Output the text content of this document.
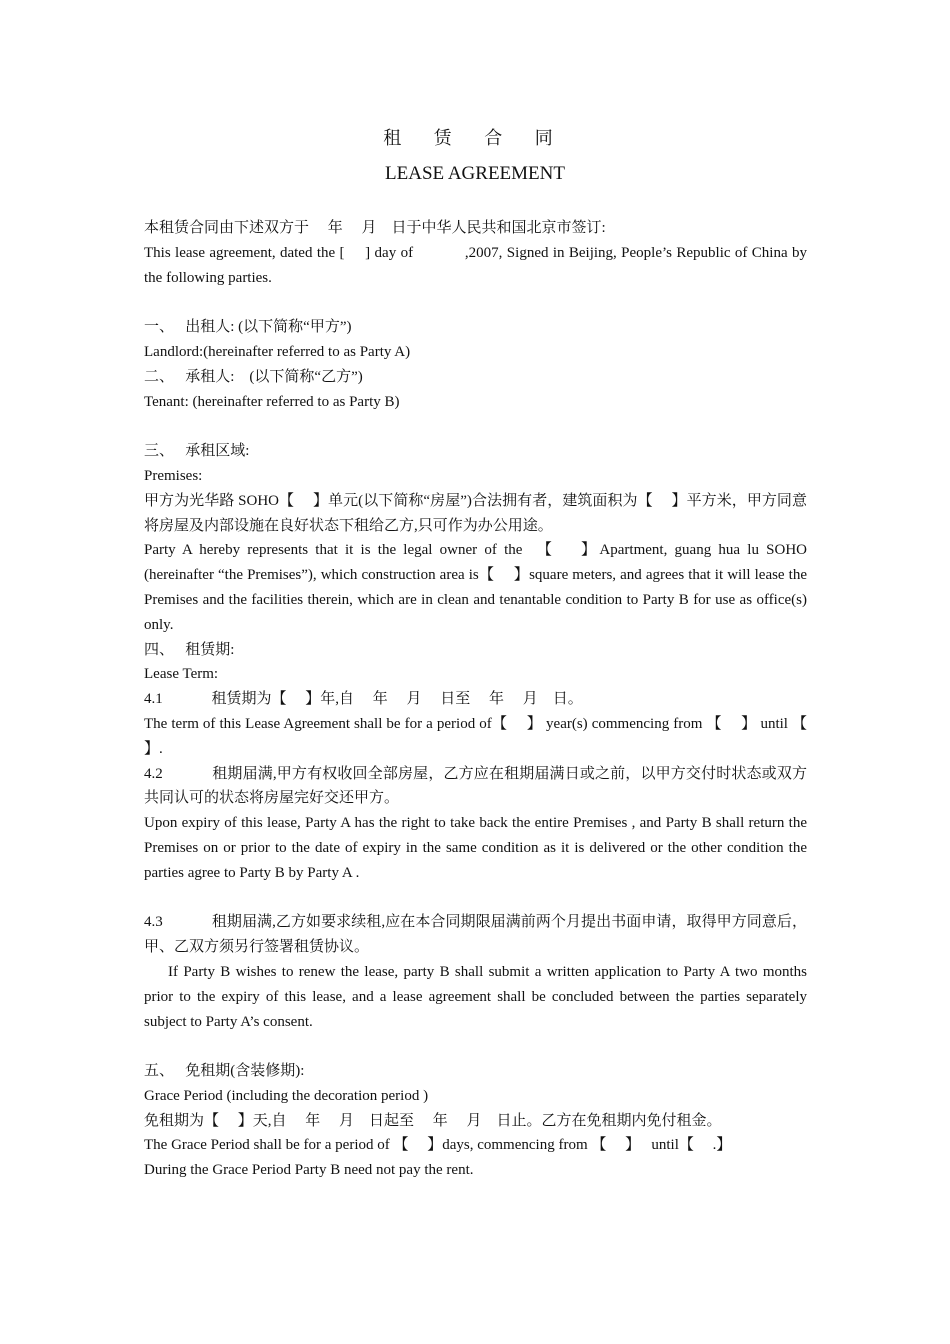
租 赁 合 同
LEASE AGREEMENT
本租赁合同由下述双方于　 年　 月　日于中华人民共和国北京市签订:
This lease agreement, dated the [　 ] day of　　　 ,2007, Signed in Beijing, People’s Republic of China by the following parties.
一、　 出租人: (以下简称“甲方”)
Landlord:(hereinafter referred to as Party A)
二、　 承租人:　(以下简称“乙方”)
Tenant: (hereinafter referred to as Party B)
三、　 承租区域:
Premises:
甲方为光华路 SOHO【　 】单元(以下简称“房屋”)合法拥有者，建筑面积为【　 】平方米，甲方同意将房屋及内部设施在良好状态下租给乙方,只可作为办公用途。
Party A hereby represents that it is the legal owner of the　【　 】Apartment, guang hua lu SOHO (hereinafter “the Premises”), which construction area is【　 】square meters, and agrees that it will lease the Premises and the facilities therein, which are in clean and tenantable condition to Party B for use as office(s) only.
四、　 租赁期:
Lease Term:
4.1　　　 租赁期为【　 】年,自　 年　 月　 日至　 年　 月　日。
The term of this Lease Agreement shall be for a period of【　 】 year(s) commencing from 【　 】 until 【　 】.
4.2　　　 租期届满,甲方有权收回全部房屋，乙方应在租期届满日或之前，以甲方交付时状态或双方共同认可的状态将房屋完好交还甲方。
Upon expiry of this lease, Party A has the right to take back the entire Premises , and Party B shall return the Premises on or prior to the date of expiry in the same condition as it is delivered or the other condition the parties agree to Party B by Party A .
4.3　　　 租期届满,乙方如要求续租,应在本合同期限届满前两个月提出书面申请，取得甲方同意后，甲、乙双方须另行签署租赁协议。
If Party B wishes to renew the lease, party B shall submit a written application to Party A two months prior to the expiry of this lease, and a lease agreement shall be concluded between the parties separately subject to Party A’s consent.
五、　 免租期(含装修期):
Grace Period (including the decoration period )
免租期为【　 】天,自　 年　 月　日起至　 年　 月　日止。乙方在免租期内免付租金。
The Grace Period shall be for a period of 【　 】days, commencing from 【　 】　 until【　 .】
During the Grace Period Party B need not pay the rent.
